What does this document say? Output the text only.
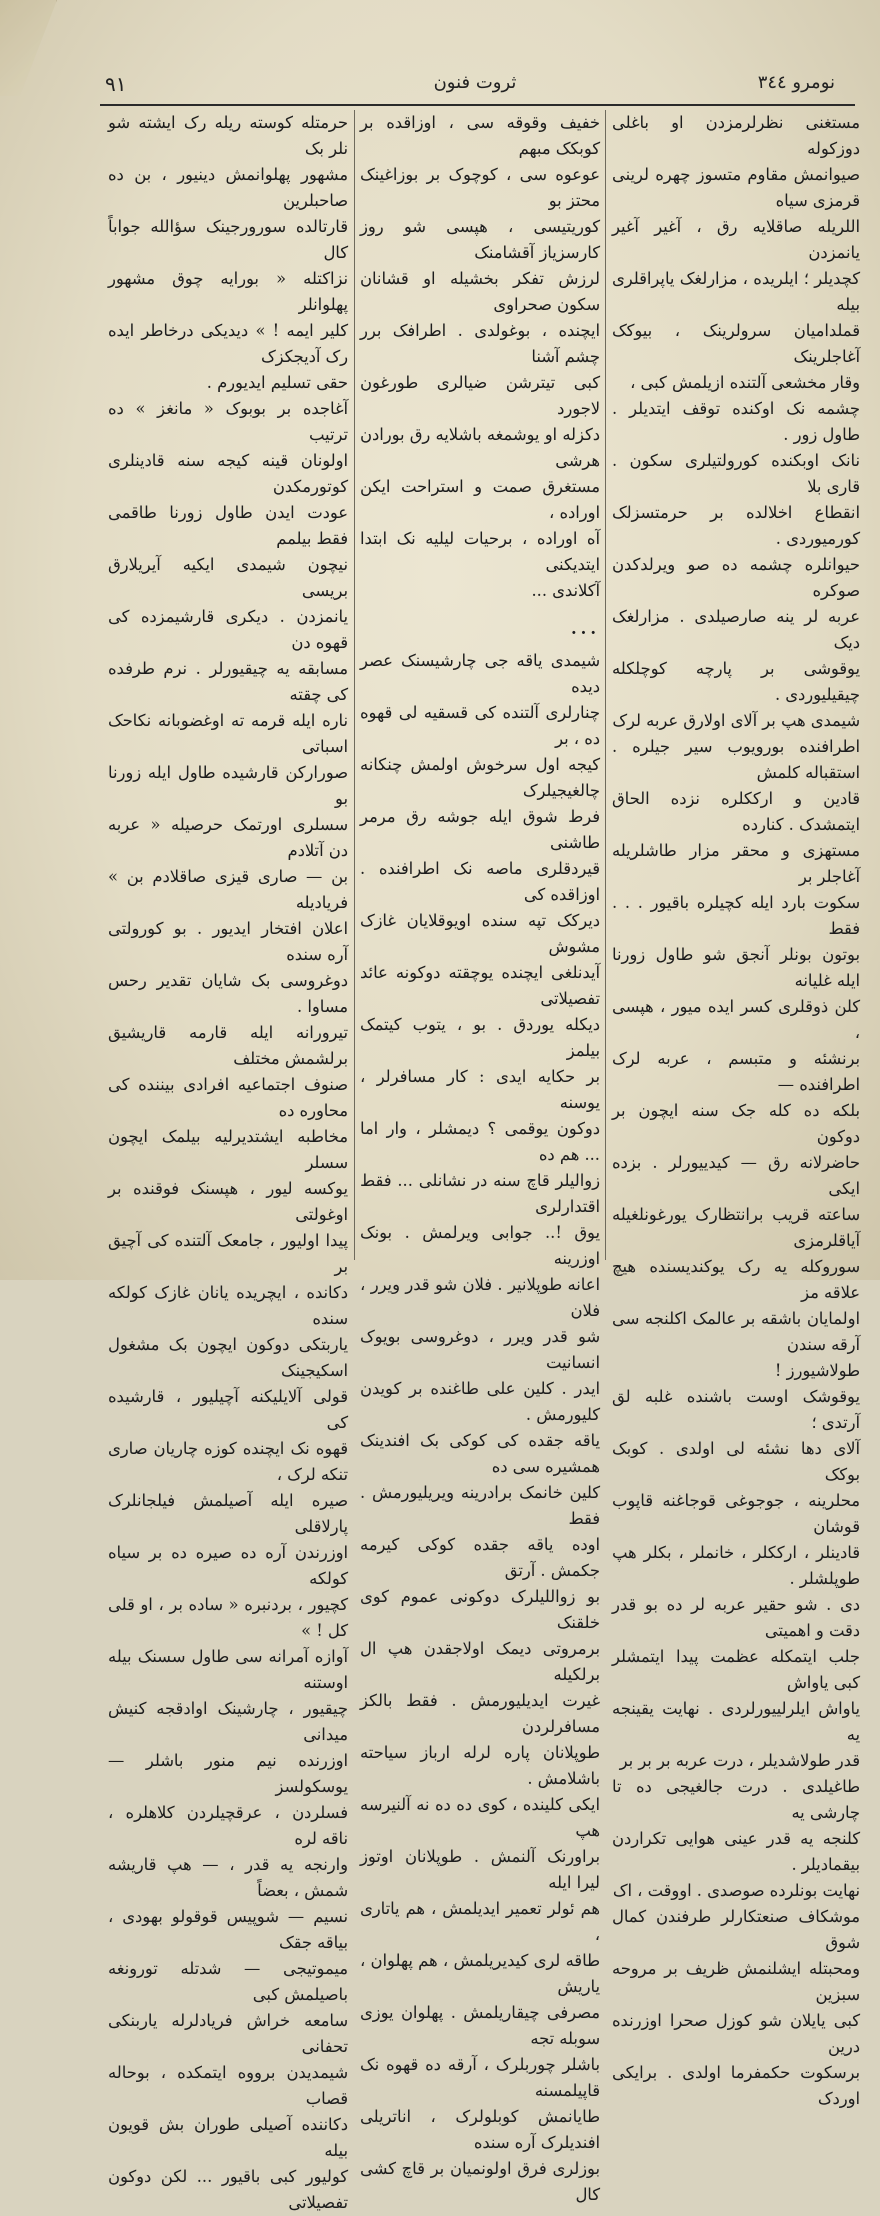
نومرو ٣٤٤
ثروت فنون
٩١

مستغنی نظرلرمزدن او باغلی دوزکوله

صیوانمش مقاوم متسوز چهره لرینی قرمزی سیاه

اللریله صاقلایه رق ، آغیر آغیر یانمزدن

کچدیلر ؛ ایلریده ، مزارلغک یاپراقلری بیله

قملدامیان سرولرینک ، بیوکک آغاجلرینک

وقار مخشعی آلتنده ازیلمش کبی ،

چشمه نک اوکنده توقف ایتدیلر . طاول زور .

نانک اوبکنده کورولتیلری سکون . قاری بلا

انقطاع اخلالده بر حرمتسزلک کورمیوردی .

حیوانلره چشمه ده صو ویرلدکدن صوکره

عربه لر ینه صارصیلدی . مزارلغک دیک

یوقوشی بر پارچه کوچلکله چیقیلیوردی .

شیمدی هپ بر آلای اولارق عربه لرک

اطرافنده بورویوب سیر جیلره . استقباله کلمش

قادین و ارککلره نزده الحاق ایتمشدک . کنارده

مستهزی و محقر مزار طاشلریله آغاجلر بر

سکوت بارد ایله کچیلره باقیور . . . فقط

بوتون بونلر آنجق شو طاول زورنا ایله غلیانه

کلن ذوقلری کسر ایده میور ، هپسی ،

برنشئه و متبسم ، عربه لرک اطرافنده —

بلکه ده کله جک سنه ایچون بر دوکون

حاضرلانه رق — کیدییورلر . بزده ایکی

ساعته قریب برانتظارک یورغونلغیله آیاقلرمزی

سوروکله یه رک یوکندیسنده هیچ علاقه مز

اولمایان باشقه بر عالمک اکلنجه سی آرقه سندن

طولاشیورز !

یوقوشک اوست باشنده غلبه لق آرتدی ؛

آلای دها نشئه لی اولدی . کوبک بوکک

محلرینه ، جوجوغی قوجاغنه قاپوب قوشان

قادینلر ، ارککلر ، خانملر ، بکلر هپ طوپلشلر .

دی . شو حقیر عربه لر ده بو قدر دقت و اهمیتی

جلب ایتمکله عظمت پیدا ایتمشلر کبی یاواش

یاواش ایلرلییورلردی . نهایت یقینجه یه

قدر طولاشدیلر ، درت عربه بر بر بر

طاغیلدی . درت جالغیجی ده تا چارشی یه

کلنجه یه قدر عینی هوایی تکراردن بیقمادیلر .

نهایت بونلرده صوصدی . اووقت ، اک

موشکاف صنعتکارلر طرفندن کمال شوق

ومحبتله ایشلنمش ظریف بر مروحه سبزین

کبی یایلان شو کوزل صحرا اوزرنده درین

برسکوت حکمفرما اولدی . برایکی اوردک

خفیف وقوقه سی ، اوزاقده بر کوبکک مبهم

عوعوه سی ، کوچوک بر بوزاغینک محتز بو

کوریتیسی ، هپسی شو روز کارسزیاز آقشامنک

لرزش تفکر بخشیله او قشانان سکون صحراوی

ایچنده ، بوغولدی . اطرافک برر چشم آشنا

کبی تیترشن ضیالری طورغون لاجورد

دکزله او یوشمغه باشلایه رق بورادن هرشی

مستغرق صمت و استراحت ایکن اوراده ،

آه اوراده ، برحیات لیلیه نک ابتدا ایتدیکنی

آکلاندی ...

...

شیمدی یاقه جی چارشیسنک عصر دیده

چنارلری آلتنده کی قسقیه لی قهوه ده ، بر

کیجه اول سرخوش اولمش چنکانه چالغیجیلرک

فرط شوق ایله جوشه رق مرمر طاشنی

قیردقلری ماصه نک اطرافنده . اوزاقده کی

دیرکک تپه سنده اویوقلایان غازک مشوش

آیدنلغی ایچنده یوچقته دوکونه عائد تفصیلاتی

دیکله یوردق . بو ، یتوب کیتمک بیلمز

بر حکایه ایدی : کار مسافرلر ، یوسنه

دوکون یوقمی ؟ دیمشلر ، وار اما ... هم ده

زوالیلر قاچ سنه در نشانلی ... فقط اقتدارلری

یوق !.. جوابی ویرلمش . بونک اوزرینه

اعانه طوپلانیر . فلان شو قدر ویرر ، فلان

شو قدر ویرر ، دوغروسی بویوک انسانیت

ایدر . کلین علی طاغنده بر کویدن کلیورمش .

یاقه جقده کی کوکی بک افندینک همشیره سی ده

کلین خانمک برادرینه ویریلیورمش . فقط

اوده یاقه جقده کوکی کیرمه جکمش . آرتق

بو زواللیلرک دوکونی عموم کوی خلقنک

برمروتی دیمک اولاجقدن هپ ال برلکیله

غیرت ایدیلیورمش . فقط بالکز مسافرلردن

طوپلانان پاره لرله ارباز سیاحته باشلامش .

ایکی کلینده ، کوی ده ده نه آلنیرسه هپ

براورنک آلنمش . طوپلانان اوتوز لیرا ایله

هم ئولر تعمیر ایدیلمش ، هم یاتاری ،

طاقه لری کیدیریلمش ، هم پهلوان ، یاریش

مصرفی چیقاریلمش . پهلوان یوزی سوبله تجه

باشلر چوربلرک ، آرقه ده قهوه نک قاپیلمسنه

طایانمش کوبلولرک ، اناتریلی افندیلرک آره سنده

بوزلری فرق اولونمیان بر قاچ کشی کال

حرمتله کوسته ریله رک ایشته شو نلر بک

مشهور پهلوانمش دینیور ، بن ده صاحبلرین

قارتالده سورورجینک سؤالله جواباً کال

نزاکتله « بورایه چوق مشهور پهلوانلر

کلیر ایمه ! » دیدیکی درخاطر ایده رک آدیجکزک

حقی تسلیم ایدیورم .

آغاجده بر بوبوک « مانغز » ده ترتیب

اولونان قینه کیجه سنه قادینلری کوتورمکدن

عودت ایدن طاول زورنا طاقمی فقط بیلمم

نیچون شیمدی ایکیه آیریلارق بریسی

یانمزدن . دیکری قارشیمزده کی قهوه دن

مسابقه یه چیقیورلر . نرم طرفده کی چقته

ناره ایله قرمه ته اوغضوبانه نکاحک اسباتی

صورارکن قارشیده طاول ایله زورنا بو

سسلری اورتمک حرصیله « عربه دن آتلادم

بن — صاری قیزی صاقلادم بن » فریادیله

اعلان افتخار ایدیور . بو کورولتی آره سنده

دوغروسی بک شایان تقدیر رحس مساوا .

تیرورانه ایله قارمه قاریشیق برلشمش مختلف

صنوف اجتماعیه افرادی بیننده کی محاوره ده

مخاطبه ایشتدیرلیه بیلمک ایچون سسلر

یوکسه لیور ، هپسنک فوقنده بر اوغولتی

پیدا اولیور ، جامعک آلتنده کی آچیق بر

دکانده ، ایچریده یانان غازک کولکه سنده

یاربتکی دوکون ایچون بک مشغول اسکیجینک

قولی آلایلیکنه آچیلیور ، قارشیده کی

قهوه نک ایچنده کوزه چاریان صاری تنکه لرک ،

صیره ایله آصیلمش فیلجانلرک پارلاقلی

اوزرندن آره ده صیره ده بر سیاه کولکه

کچیور ، بردنبره « ساده بر ، او قلی کل ! »

آوازه آمرانه سی طاول سسنک بیله اوستنه

چیقیور ، چارشینک اوادقجه کنیش میدانی

اوزرنده نیم منور باشلر — یوسکولسز

فسلردن ، عرقچیلردن کلاهلره ، ناقه لره

وارنجه یه قدر ، — هپ قاریشه شمش ، بعضاً

نسیم — شوپیس قوقولو بهودی ، بیاقه جقک

میموتیجی — شدتله تورونغه باصیلمش کبی

سامعه خراش فریادلرله یاربنکی تحفانی

شیمدیدن برووه ایتمکده ، بوحاله قصاب

دکاننده آصیلی طوران بش قویون بیله

کولیور کبی باقیور ... لکن دوکون تفصیلاتی
